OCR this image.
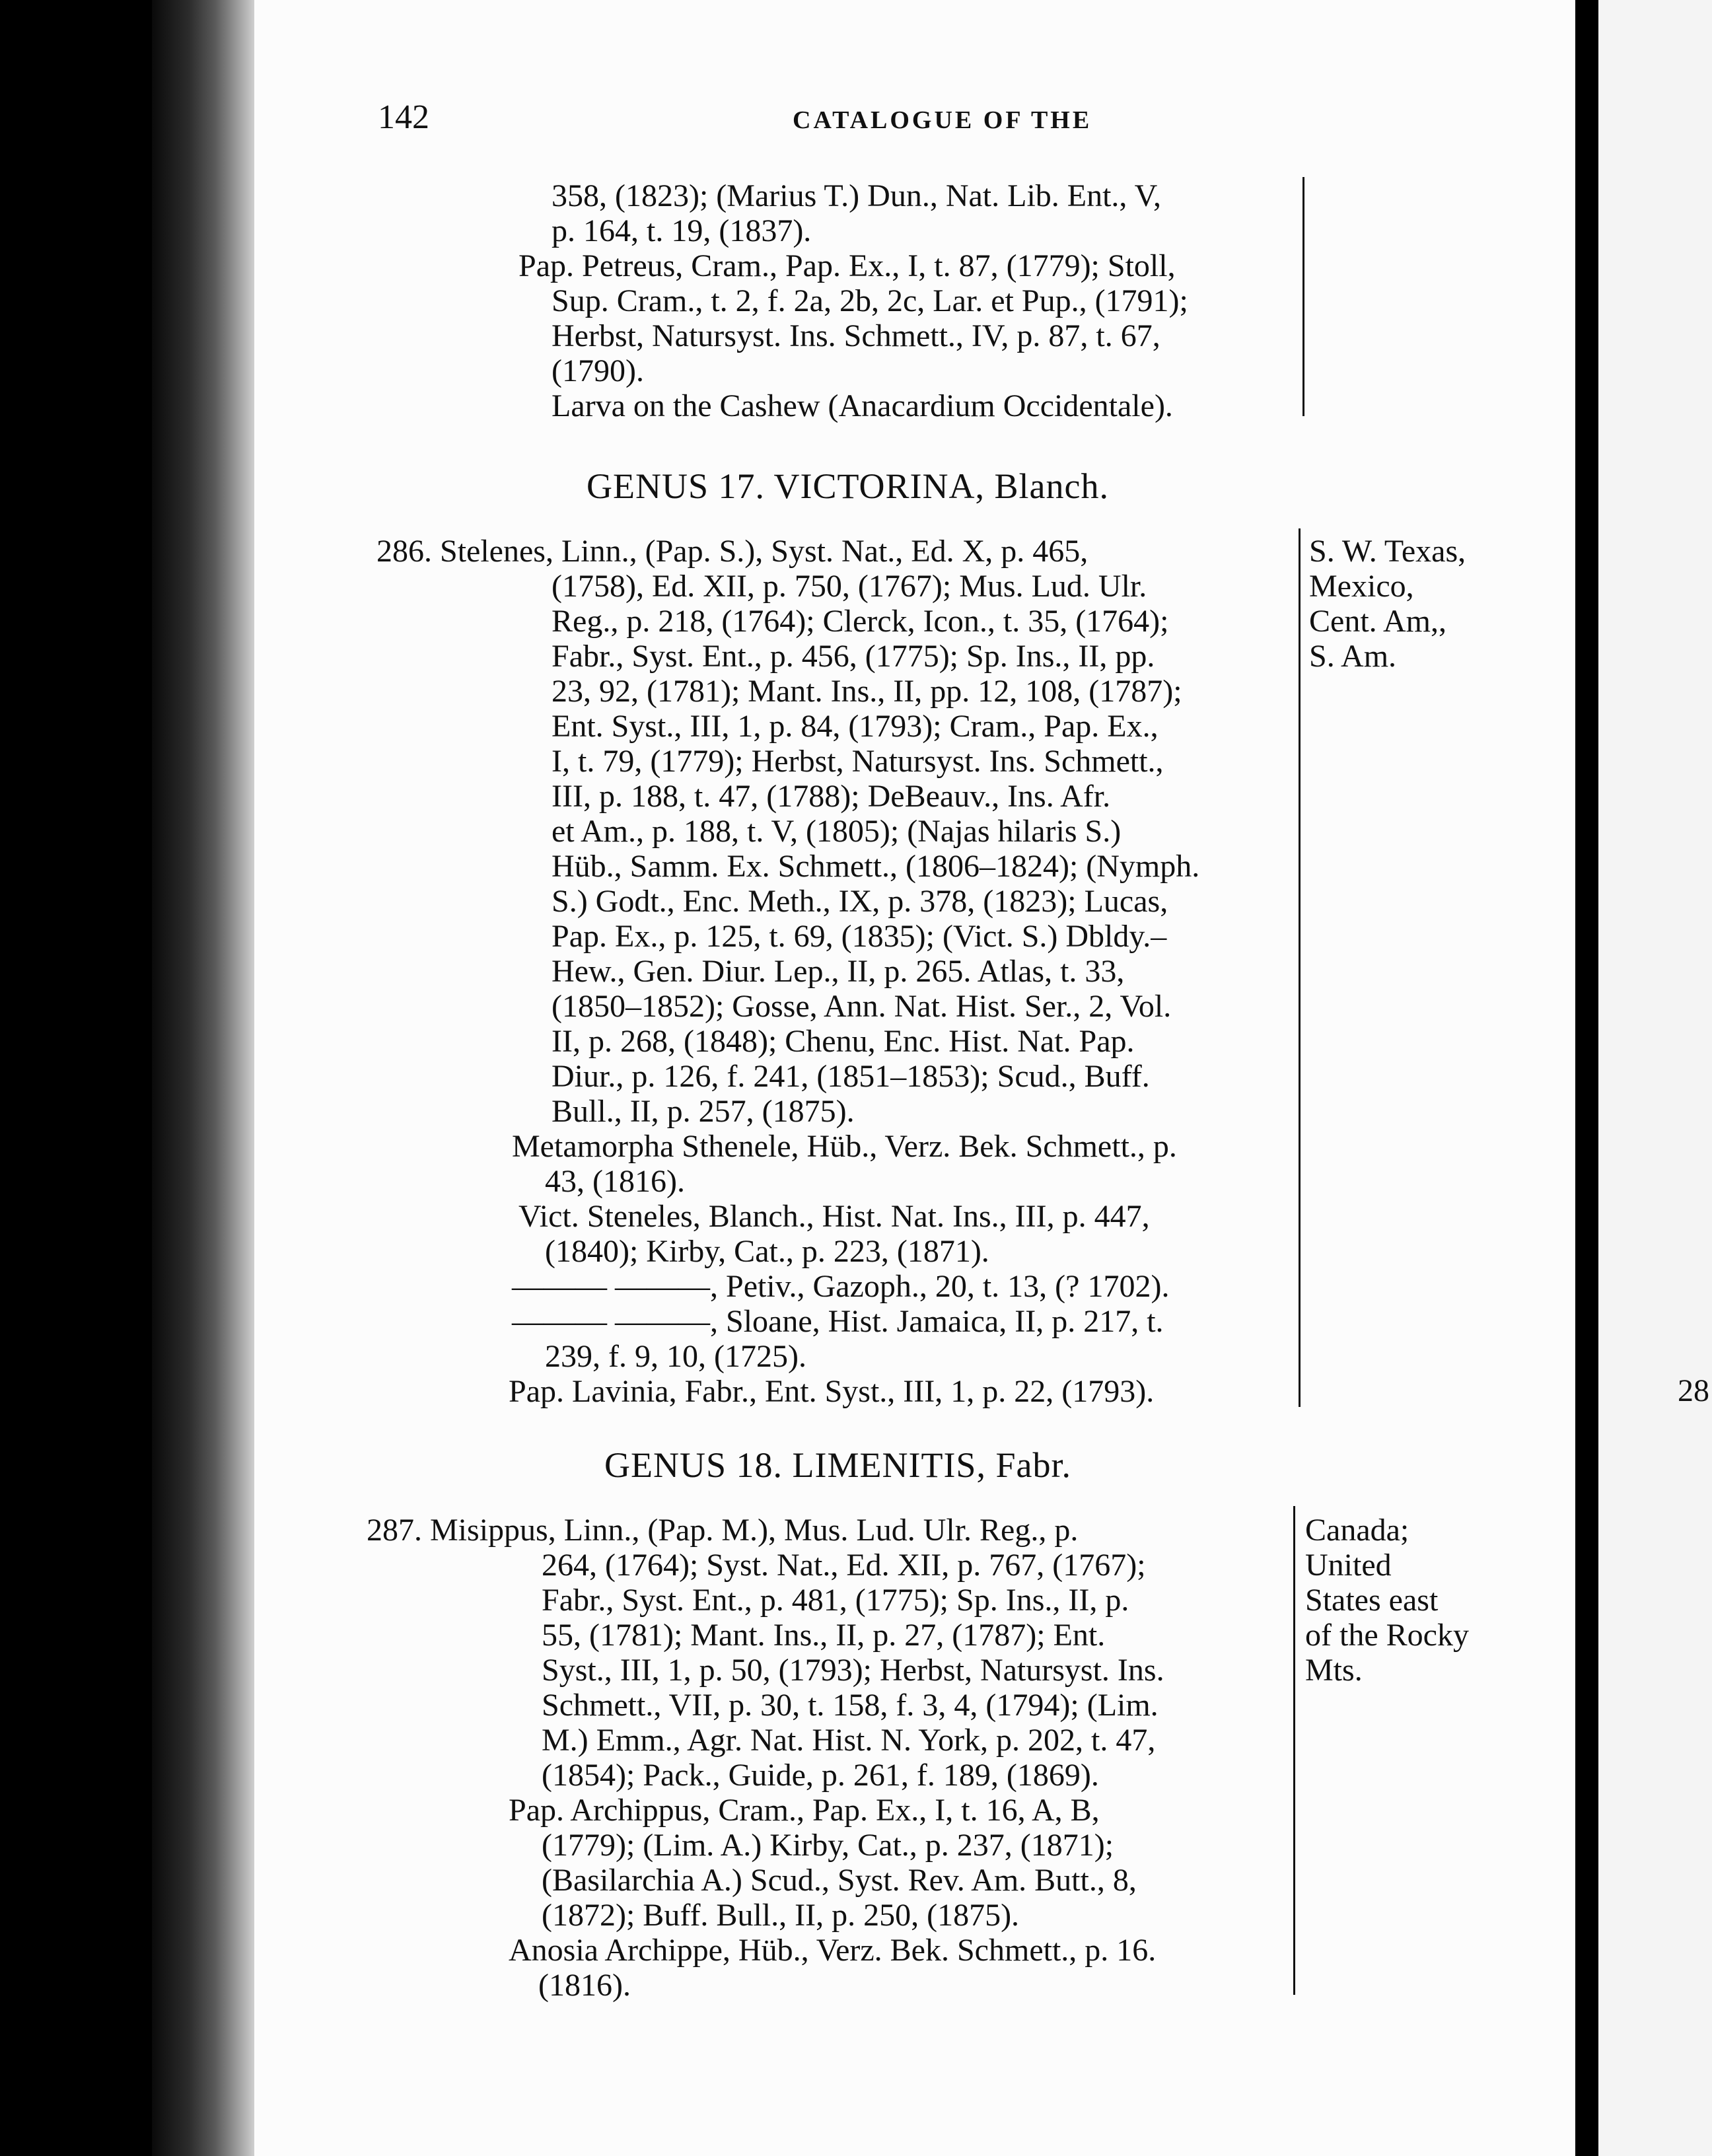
28
142	CATALOGUE OF THE
358, (1823); (Marius T.) Dun., Nat. Lib. Ent., V,
p. 164, t. 19, (1837).
Pap. Petreus, Cram., Pap. Ex., I, t. 87, (1779); Stoll,
Sup. Cram., t. 2, f. 2a, 2b, 2c, Lar. et Pup., (1791);
Herbst, Natursyst. Ins. Schmett., IV, p. 87, t. 67,
(1790).
Larva on the Cashew (Anacardium Occidentale).
GENUS 17. VICTORINA, Blanch.
286. Stelenes, Linn., (Pap. S.), Syst. Nat., Ed. X, p. 465,
(1758), Ed. XII, p. 750, (1767); Mus. Lud. Ulr.
Reg., p. 218, (1764); Clerck, Icon., t. 35, (1764);
Fabr., Syst. Ent., p. 456, (1775); Sp. Ins., II, pp.
23, 92, (1781); Mant. Ins., II, pp. 12, 108, (1787);
Ent. Syst., III, 1, p. 84, (1793); Cram., Pap. Ex.,
I, t. 79, (1779); Herbst, Natursyst. Ins. Schmett.,
III, p. 188, t. 47, (1788); DeBeauv., Ins. Afr.
et Am., p. 188, t. V, (1805); (Najas hilaris S.)
Hüb., Samm. Ex. Schmett., (1806–1824); (Nymph.
S.) Godt., Enc. Meth., IX, p. 378, (1823); Lucas,
Pap. Ex., p. 125, t. 69, (1835); (Vict. S.) Dbldy.–
Hew., Gen. Diur. Lep., II, p. 265. Atlas, t. 33,
(1850–1852); Gosse, Ann. Nat. Hist. Ser., 2, Vol.
II, p. 268, (1848); Chenu, Enc. Hist. Nat. Pap.
Diur., p. 126, f. 241, (1851–1853); Scud., Buff.
Bull., II, p. 257, (1875).
Metamorpha Sthenele, Hüb., Verz. Bek. Schmett., p.
43, (1816).
Vict. Steneles, Blanch., Hist. Nat. Ins., III, p. 447,
(1840); Kirby, Cat., p. 223, (1871).
——— ———, Petiv., Gazoph., 20, t. 13, (? 1702).
——— ———, Sloane, Hist. Jamaica, II, p. 217, t.
239, f. 9, 10, (1725).
Pap. Lavinia, Fabr., Ent. Syst., III, 1, p. 22, (1793).
GENUS 18. LIMENITIS, Fabr.
287. Misippus, Linn., (Pap. M.), Mus. Lud. Ulr. Reg., p.
264, (1764); Syst. Nat., Ed. XII, p. 767, (1767);
Fabr., Syst. Ent., p. 481, (1775); Sp. Ins., II, p.
55, (1781); Mant. Ins., II, p. 27, (1787); Ent.
Syst., III, 1, p. 50, (1793); Herbst, Natursyst. Ins.
Schmett., VII, p. 30, t. 158, f. 3, 4, (1794); (Lim.
M.) Emm., Agr. Nat. Hist. N. York, p. 202, t. 47,
(1854); Pack., Guide, p. 261, f. 189, (1869).
Pap. Archippus, Cram., Pap. Ex., I, t. 16, A, B,
(1779); (Lim. A.) Kirby, Cat., p. 237, (1871);
(Basilarchia A.) Scud., Syst. Rev. Am. Butt., 8,
(1872); Buff. Bull., II, p. 250, (1875).
Anosia Archippe, Hüb., Verz. Bek. Schmett., p. 16.
(1816).
S. W. Texas,
Mexico,
Cent. Am,,
S. Am.
Canada;
United
States east
of the Rocky
Mts.
